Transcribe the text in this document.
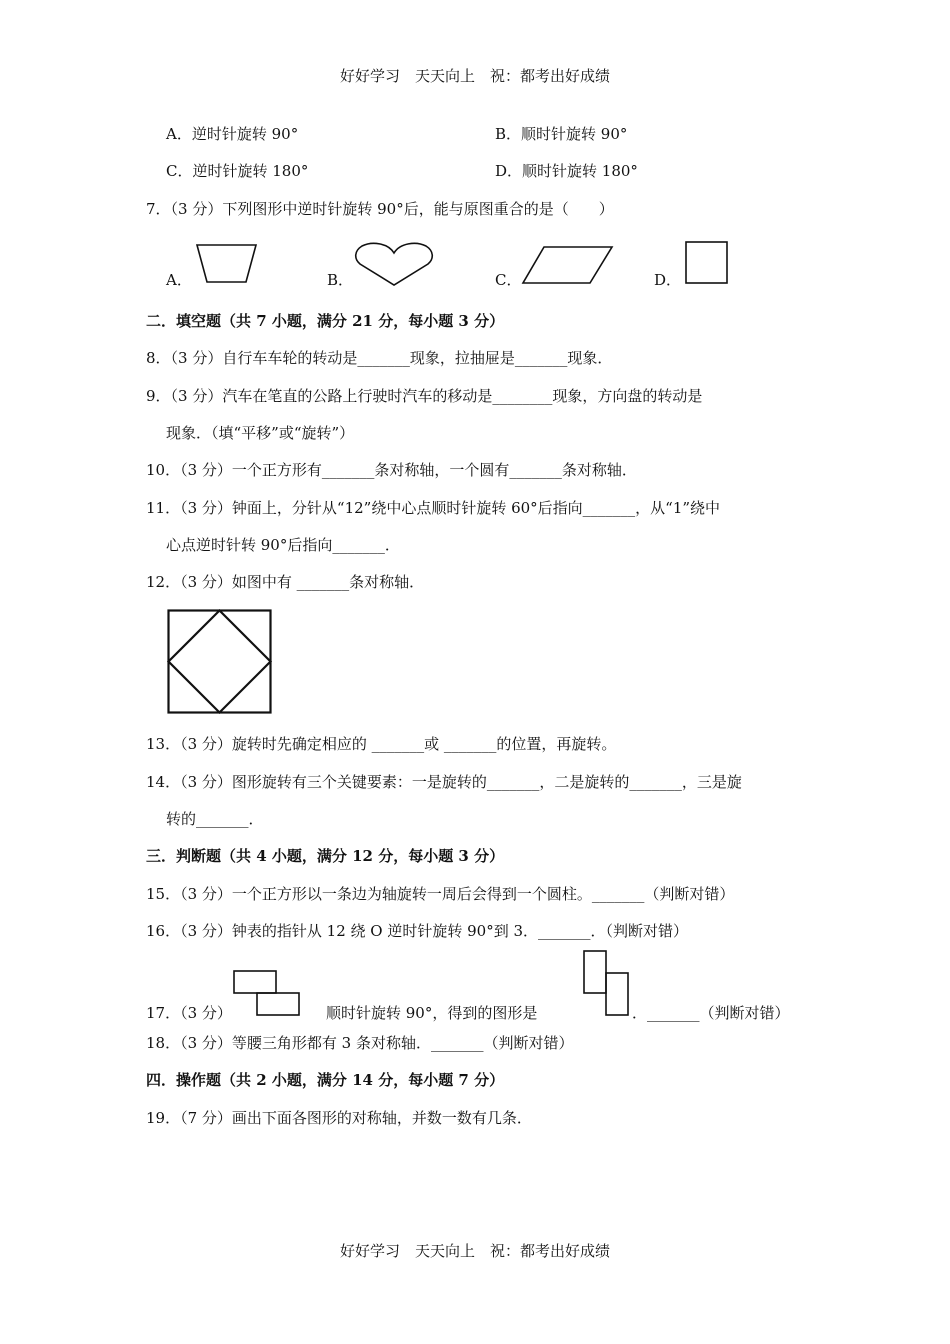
好好学习　天天向上　祝：都考出好成绩
A．逆时针旋转 90°	B．顺时针旋转 90°
C．逆时针旋转 180°	D．顺时针旋转 180°
7．（3 分）下列图形中逆时针旋转 90°后，能与原图重合的是（　　）
A．	B．	C．	D．
二．填空题（共 7 小题，满分 21 分，每小题 3 分）
8．（3 分）自行车车轮的转动是_______现象，拉抽屉是_______现象．
9．（3 分）汽车在笔直的公路上行驶时汽车的移动是________现象，方向盘的转动是
现象．（填“平移”或“旋转”）
10．（3 分）一个正方形有_______条对称轴，一个圆有_______条对称轴．
11．（3 分）钟面上，分针从“12”绕中心点顺时针旋转 60°后指向_______，从“1”绕中
心点逆时针转 90°后指向_______．
12．（3 分）如图中有 _______条对称轴．
13．（3 分）旋转时先确定相应的 _______或 _______的位置，再旋转。
14．（3 分）图形旋转有三个关键要素：一是旋转的_______，二是旋转的_______，三是旋
转的_______．
三．判断题（共 4 小题，满分 12 分，每小题 3 分）
15．（3 分）一个正方形以一条边为轴旋转一周后会得到一个圆柱。_______（判断对错）
16．（3 分）钟表的指针从 12 绕 O 逆时针旋转 90°到 3．_______．（判断对错）
17．（3 分）	顺时针旋转 90°，得到的图形是	．_______（判断对错）
18．（3 分）等腰三角形都有 3 条对称轴．_______（判断对错）
四．操作题（共 2 小题，满分 14 分，每小题 7 分）
19．（7 分）画出下面各图形的对称轴，并数一数有几条．
好好学习　天天向上　祝：都考出好成绩
